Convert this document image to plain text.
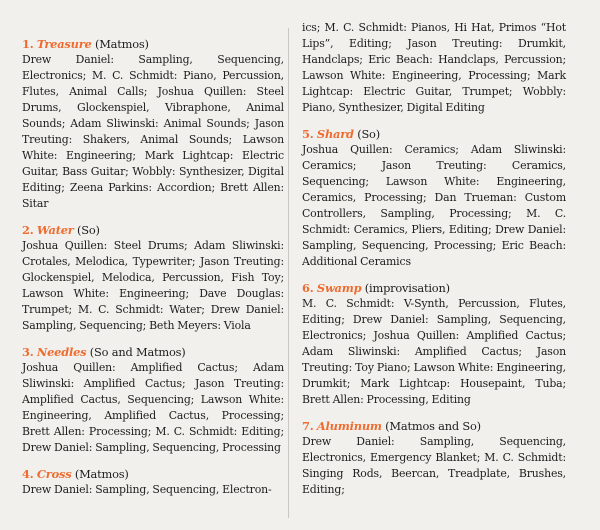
1. Treasure (Matmos)
Drew Daniel: Sampling, Sequencing, Electronics; M. C. Schmidt: Piano, Percussion, Flutes, Animal Calls; Joshua Quillen: Steel Drums, Glockenspiel, Vibraphone, Animal Sounds; Adam Sliwinski: Animal Sounds; Jason Treuting: Shakers, Animal Sounds; Lawson White: Engineering; Mark Lightcap: Electric Guitar, Bass Guitar; Wobbly: Synthesizer, Digital Editing; Zeena Parkins: Accordion; Brett Allen: Sitar
2. Water (So)
Joshua Quillen: Steel Drums; Adam Sliwinski: Crotales, Melodica, Typewriter; Jason Treuting: Glockenspiel, Melodica, Percussion, Fish Toy; Lawson White: Engineering; Dave Douglas: Trumpet; M. C. Schmidt: Water; Drew Daniel: Sampling, Sequencing; Beth Meyers: Viola
3. Needles (So and Matmos)
Joshua Quillen: Amplified Cactus; Adam Sliwinski: Amplified Cactus; Jason Treuting: Amplified Cactus, Sequencing; Lawson White: Engineering, Amplified Cactus, Processing; Brett Allen: Processing; M. C. Schmidt: Editing; Drew Daniel: Sampling, Sequencing, Processing
4. Cross (Matmos)
Drew Daniel: Sampling, Sequencing, Electron-
ics; M. C. Schmidt: Pianos, Hi Hat, Primos “Hot Lips”, Editing; Jason Treuting: Drumkit, Handclaps; Eric Beach: Handclaps, Percussion; Lawson White: Engineering, Processing; Mark Lightcap: Electric Guitar, Trumpet; Wobbly: Piano, Synthesizer, Digital Editing
5. Shard (So)
Joshua Quillen: Ceramics; Adam Sliwinski: Ceramics; Jason Treuting: Ceramics, Sequencing; Lawson White: Engineering, Ceramics, Processing; Dan Trueman: Custom Controllers, Sampling, Processing; M. C. Schmidt: Ceramics, Pliers, Editing; Drew Daniel: Sampling, Sequencing, Processing; Eric Beach: Additional Ceramics
6. Swamp (improvisation)
M. C. Schmidt: V-Synth, Percussion, Flutes, Editing; Drew Daniel: Sampling, Sequencing, Electronics; Joshua Quillen: Amplified Cactus; Adam Sliwinski: Amplified Cactus; Jason Treuting: Toy Piano; Lawson White: Engineering, Drumkit; Mark Lightcap: Housepaint, Tuba; Brett Allen: Processing, Editing
7. Aluminum (Matmos and So)
Drew Daniel: Sampling, Sequencing, Electronics, Emergency Blanket; M. C. Schmidt: Singing Rods, Beercan, Treadplate, Brushes, Editing;
